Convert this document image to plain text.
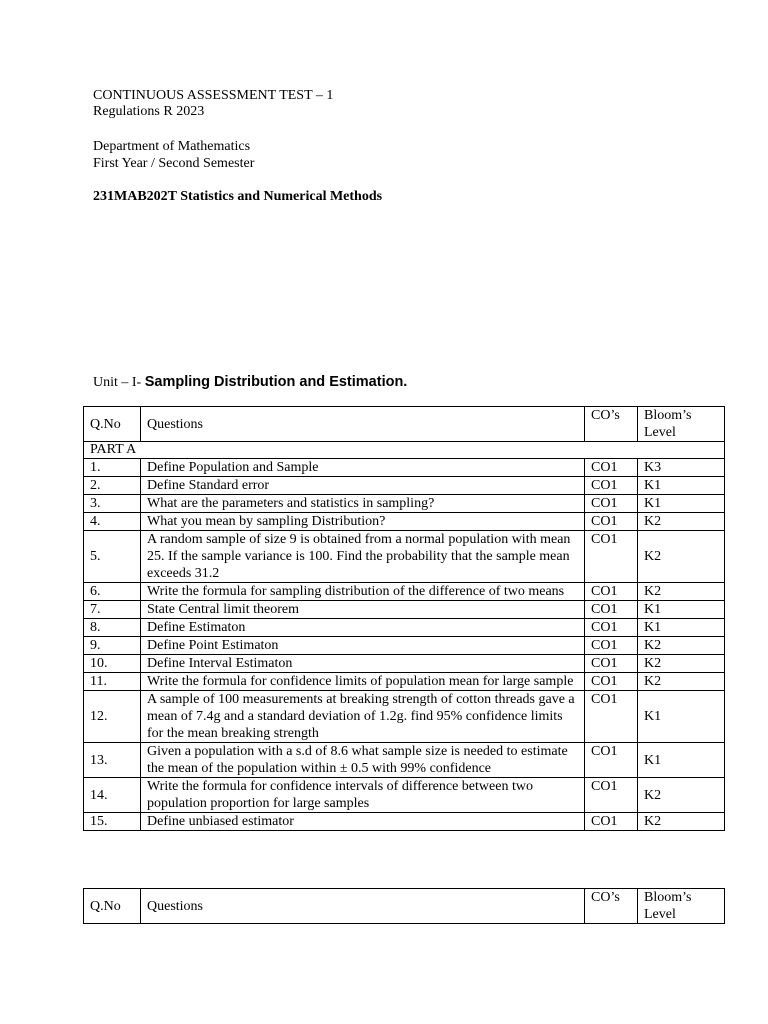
CONTINUOUS ASSESSMENT TEST – 1
Regulations R 2023
Department of Mathematics
First Year / Second Semester
231MAB202T Statistics and Numerical Methods
Unit – I- Sampling Distribution and Estimation.
Q.No	Questions	CO’s	Bloom’s Level
PART A			
1.	Define Population and Sample	CO1	K3
2.	Define Standard error	CO1	K1
3.	What are the parameters and statistics in sampling?	CO1	K1
4.	What you mean by sampling Distribution?	CO1	K2
5.	A random sample of size 9 is obtained from a normal population with mean 25. If the sample variance is 100. Find the probability that the sample mean exceeds 31.2	CO1	K2
6.	Write the formula for sampling distribution of the difference of two means	CO1	K2
7.	State Central limit theorem	CO1	K1
8.	Define Estimaton	CO1	K1
9.	Define Point Estimaton	CO1	K2
10.	Define Interval Estimaton	CO1	K2
11.	Write the formula for confidence limits of population mean for large sample	CO1	K2
12.	A sample of 100 measurements at breaking strength of cotton threads gave a mean of 7.4g and a standard deviation of 1.2g. find 95% confidence limits for the mean breaking strength	CO1	K1
13.	Given a population with a s.d of 8.6 what sample size is needed to estimate the mean of the population within ± 0.5 with 99% confidence	CO1	K1
14.	Write the formula for confidence intervals of difference between two population proportion for large samples	CO1	K2
15.	Define unbiased estimator	CO1	K2
Q.No	Questions	CO’s	Bloom’s Level
